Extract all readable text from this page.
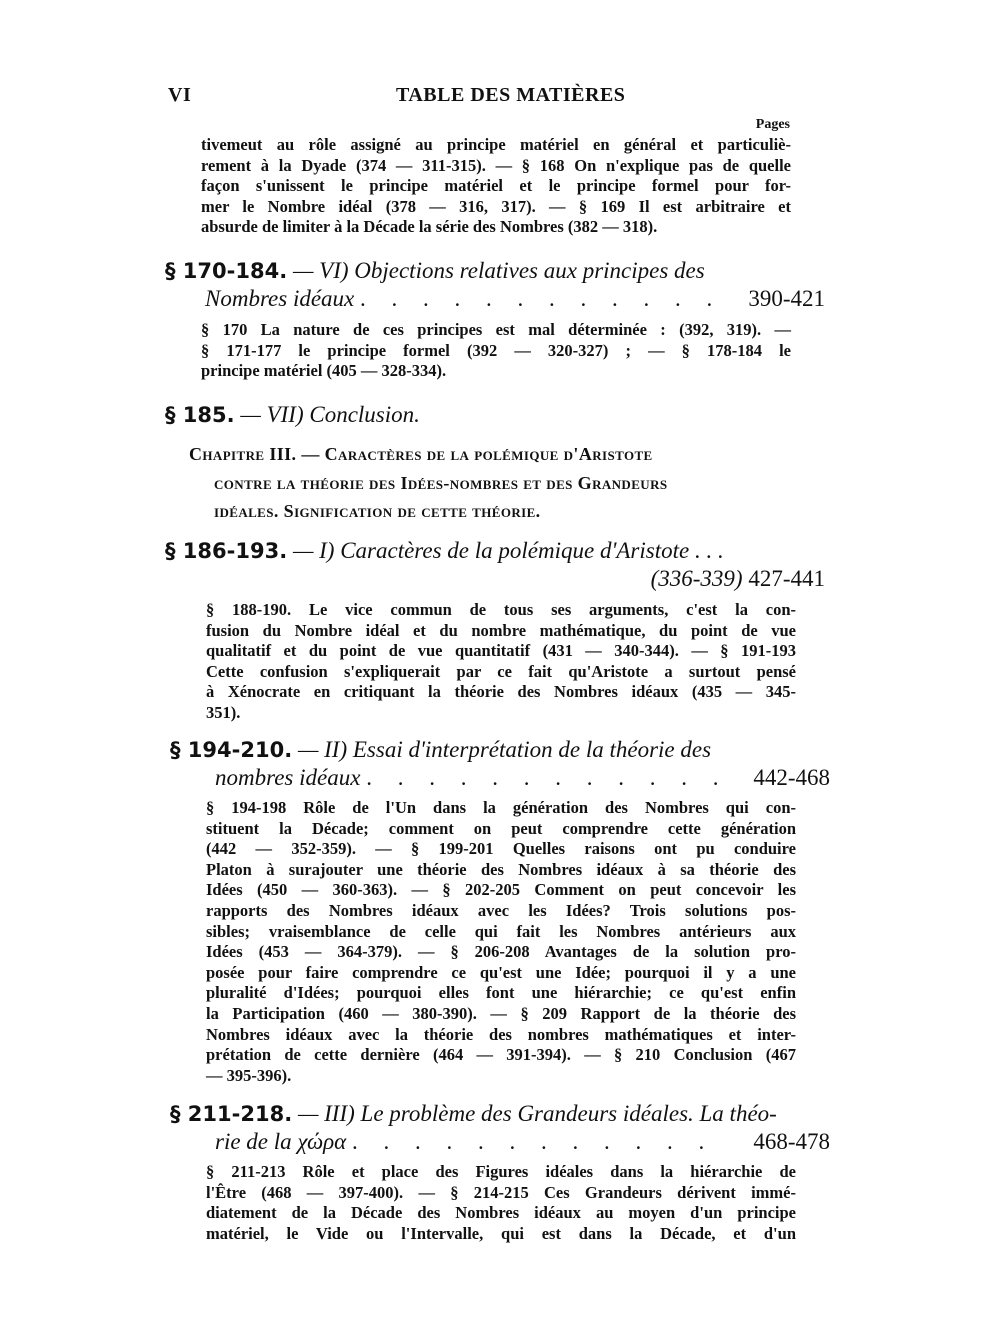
VI	TABLE DES MATIÈRES
Pages
tivemeut au rôle assigné au principe matériel en général et particuliè-
rement à la Dyade (374 — 311-315). — § 168 On n'explique pas de quelle
façon s'unissent le principe matériel et le principe formel pour for-
mer le Nombre idéal (378 — 316, 317). — § 169 Il est arbitraire et
absurde de limiter à la Décade la série des Nombres (382 — 318).
§ 170-184. — VI) Objections relatives aux principes des
Nombres idéaux . . . . . . . . . . . . 390-421
§ 170 La nature de ces principes est mal déterminée : (392, 319). —
§ 171-177 le principe formel (392 — 320-327) ; — § 178-184 le
principe matériel (405 — 328-334).
§ 185. — VII) Conclusion.
Chapitre III. — Caractères de la polémique d'Aristote
contre la théorie des Idées-nombres et des Grandeurs
idéales. Signification de cette théorie.
§ 186-193. — I) Caractères de la polémique d'Aristote . . .
(336-339) 427-441
§ 188-190. Le vice commun de tous ses arguments, c'est la con-
fusion du Nombre idéal et du nombre mathématique, du point de vue
qualitatif et du point de vue quantitatif (431 — 340-344). — § 191-193
Cette confusion s'expliquerait par ce fait qu'Aristote a surtout pensé
à Xénocrate en critiquant la théorie des Nombres idéaux (435 — 345-
351).
§ 194-210. — II) Essai d'interprétation de la théorie des
nombres idéaux . . . . . . . . . . . . 442-468
§ 194-198 Rôle de l'Un dans la génération des Nombres qui con-
stituent la Décade; comment on peut comprendre cette génération
(442 — 352-359). — § 199-201 Quelles raisons ont pu conduire
Platon à surajouter une théorie des Nombres idéaux à sa théorie des
Idées (450 — 360-363). — § 202-205 Comment on peut concevoir les
rapports des Nombres idéaux avec les Idées? Trois solutions pos-
sibles; vraisemblance de celle qui fait les Nombres antérieurs aux
Idées (453 — 364-379). — § 206-208 Avantages de la solution pro-
posée pour faire comprendre ce qu'est une Idée; pourquoi il y a une
pluralité d'Idées; pourquoi elles font une hiérarchie; ce qu'est enfin
la Participation (460 — 380-390). — § 209 Rapport de la théorie des
Nombres idéaux avec la théorie des nombres mathématiques et inter-
prétation de cette dernière (464 — 391-394). — § 210 Conclusion (467
— 395-396).
§ 211-218. — III) Le problème des Grandeurs idéales. La théo-
rie de la χώρα . . . . . . . . . . . . 468-478
§ 211-213 Rôle et place des Figures idéales dans la hiérarchie de
l'Être (468 — 397-400). — § 214-215 Ces Grandeurs dérivent immé-
diatement de la Décade des Nombres idéaux au moyen d'un principe
matériel, le Vide ou l'Intervalle, qui est dans la Décade, et d'un
